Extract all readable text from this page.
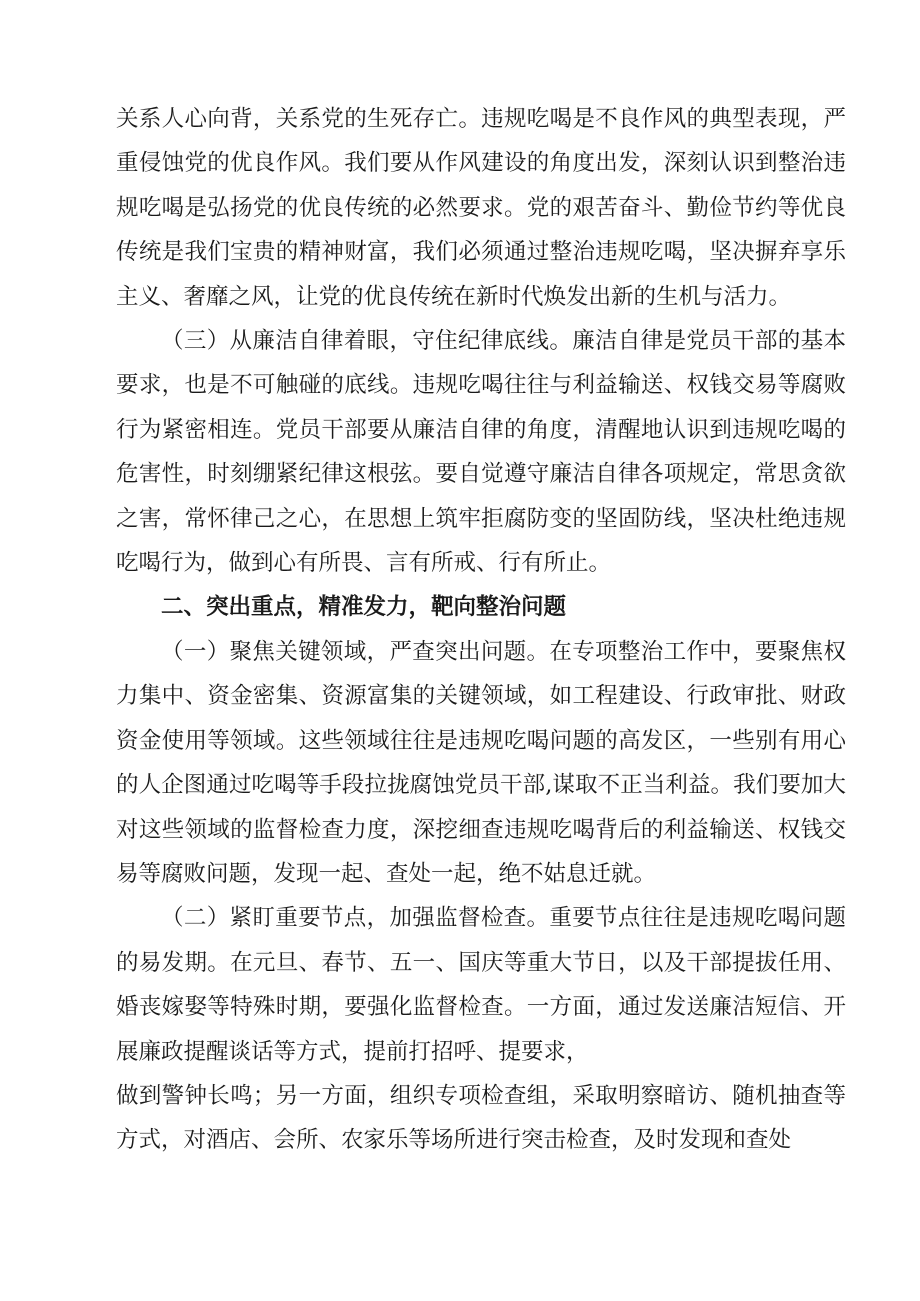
关系人心向背，关系党的生死存亡。违规吃喝是不良作风的典型表现，严重侵蚀党的优良作风。我们要从作风建设的角度出发，深刻认识到整治违规吃喝是弘扬党的优良传统的必然要求。党的艰苦奋斗、勤俭节约等优良传统是我们宝贵的精神财富，我们必须通过整治违规吃喝，坚决摒弃享乐主义、奢靡之风，让党的优良传统在新时代焕发出新的生机与活力。

（三）从廉洁自律着眼，守住纪律底线。廉洁自律是党员干部的基本要求，也是不可触碰的底线。违规吃喝往往与利益输送、权钱交易等腐败行为紧密相连。党员干部要从廉洁自律的角度，清醒地认识到违规吃喝的危害性，时刻绷紧纪律这根弦。要自觉遵守廉洁自律各项规定，常思贪欲之害，常怀律己之心，在思想上筑牢拒腐防变的坚固防线，坚决杜绝违规吃喝行为，做到心有所畏、言有所戒、行有所止。

二、突出重点，精准发力，靶向整治问题

（一）聚焦关键领域，严查突出问题。在专项整治工作中，要聚焦权力集中、资金密集、资源富集的关键领域，如工程建设、行政审批、财政资金使用等领域。这些领域往往是违规吃喝问题的高发区，一些别有用心的人企图通过吃喝等手段拉拢腐蚀党员干部,谋取不正当利益。我们要加大对这些领域的监督检查力度，深挖细查违规吃喝背后的利益输送、权钱交易等腐败问题，发现一起、查处一起，绝不姑息迁就。

（二）紧盯重要节点，加强监督检查。重要节点往往是违规吃喝问题的易发期。在元旦、春节、五一、国庆等重大节日，以及干部提拔任用、婚丧嫁娶等特殊时期，要强化监督检查。一方面，通过发送廉洁短信、开展廉政提醒谈话等方式，提前打招呼、提要求，

做到警钟长鸣；另一方面，组织专项检查组，采取明察暗访、随机抽查等方式，对酒店、会所、农家乐等场所进行突击检查，及时发现和查处
